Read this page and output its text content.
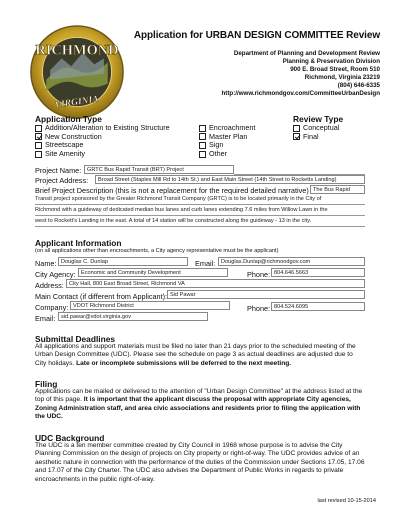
RICHMOND
VIRGINIA
Application for URBAN DESIGN COMMITTEE Review
Department of Planning and Development Review
Planning & Preservation Division
900 E. Broad Street, Room 510
Richmond, Virginia 23219
(804) 646-6335
http://www.richmondgov.com/CommitteeUrbanDesign
Application Type
Addition/Alteration to Existing Structure
New Construction
Streetscape
Site Amenity
Encroachment
Master Plan
Sign
Other
Review Type
Conceptual
Final
Project Name:	GRTC Bus Rapid Transit (BRT) Project
Project Address:	Broad Street (Staples Mill Rd to 14th St.) and East Main Street (14th Street to Rocketts Landing)
Brief Project Description (this is not a replacement for the required detailed narrative) The Bus Rapid
Transit project sponsored by the Greater Richmond Transit Company (GRTC) is to be located primarily in the City of
Richmond with a guideway of dedicated median bus lanes and curb lanes extending 7.6 miles from Willow Lawn in the
west to Rockett's Landing in the east. A total of 14 station will be constructed along the guideway - 13 in the city.
Applicant Information
(on all applications other than encroachments, a City agency representative must be the applicant)
Name: Douglas C. Dunlap	Email:	Douglas.Dunlap@richmondgov.com
City Agency: Economic and Community Development	Phone: 804.646.5663
Address: City Hall, 800 East Broad Street, Richmond VA
Main Contact (if different from Applicant): Sid Pawar
Company: VDOT Richmond District	Phone: 804.524.6095
Email:	sid.pawar@vdot.virginia.gov
Submittal Deadlines
All applications and support materials must be filed no later than 21 days prior to the scheduled meeting of the Urban Design Committee (UDC). Please see the schedule on page 3 as actual deadlines are adjusted due to City holidays. Late or incomplete submissions will be deferred to the next meeting.
Filing
Applications can be mailed or delivered to the attention of "Urban Design Committee" at the address listed at the top of this page. It is important that the applicant discuss the proposal with appropriate City agencies, Zoning Administration staff, and area civic associations and residents prior to filing the application with the UDC.
UDC Background
The UDC is a ten member committee created by City Council in 1968 whose purpose is to advise the City Planning Commission on the design of projects on City property or right-of-way. The UDC provides advice of an aesthetic nature in connection with the performance of the duties of the Commission under Sections 17.05, 17.06 and 17.07 of the City Charter. The UDC also advises the Department of Public Works in regards to private encroachments in the public right-of-way.
last revised 10-15-2014
